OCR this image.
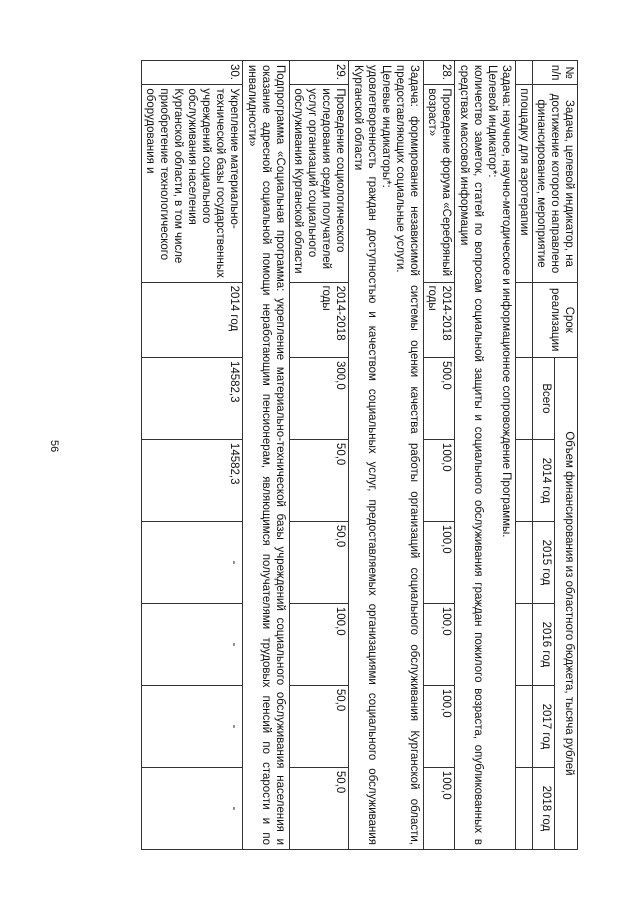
56
№ п/п	Задача, целевой индикатор, на достижение которого направлено финансирование, мероприятие	Срок реализации	Объем финансирования из областного бюджета, тысяча рублей					
			Всего	2014 год	2015 год	2016 год	2017 год	2018 год
	площадку для аэротерапии							

Задача: научное, научно-методическое и информационное сопровождение Программы.
Целевой индикатор*:
количество заметок, статей по вопросам социальной защиты и социального обслуживания граждан пожилого возраста, опубликованных в средствах массовой информации								

28.	Проведение форума «Серебряный возраст»	2014-2018 годы	500,0	100,0	100,0	100,0	100,0	100,0

Задача: формирование независимой системы оценки качества работы организаций социального обслуживания Курганской области, предоставляющих социальные услуги.
Целевые индикаторы*:
удовлетворенность граждан доступностью и качеством социальных услуг, предоставляемых организациями социального обслуживания Курганской области								

29.	Проведение социологического исследования среди получателей услуг организаций социального обслуживания Курганской области	2014-2018 годы	300,0	50,0	50,0	100,0	50,0	50,0
Подпрограмма «Социальная программа: укрепление материально-технической базы учреждений социального обслуживания населения и оказание адресной социальной помощи неработающим пенсионерам, являющимся получателями трудовых пенсий по старости и по инвалидности»								
30.	Укрепление материально-технической базы государственных учреждений социального обслуживания населения Курганской области, в том числе приобретение технологического оборудования и	2014 год	14582,3	14582,3	-	-	-	-
